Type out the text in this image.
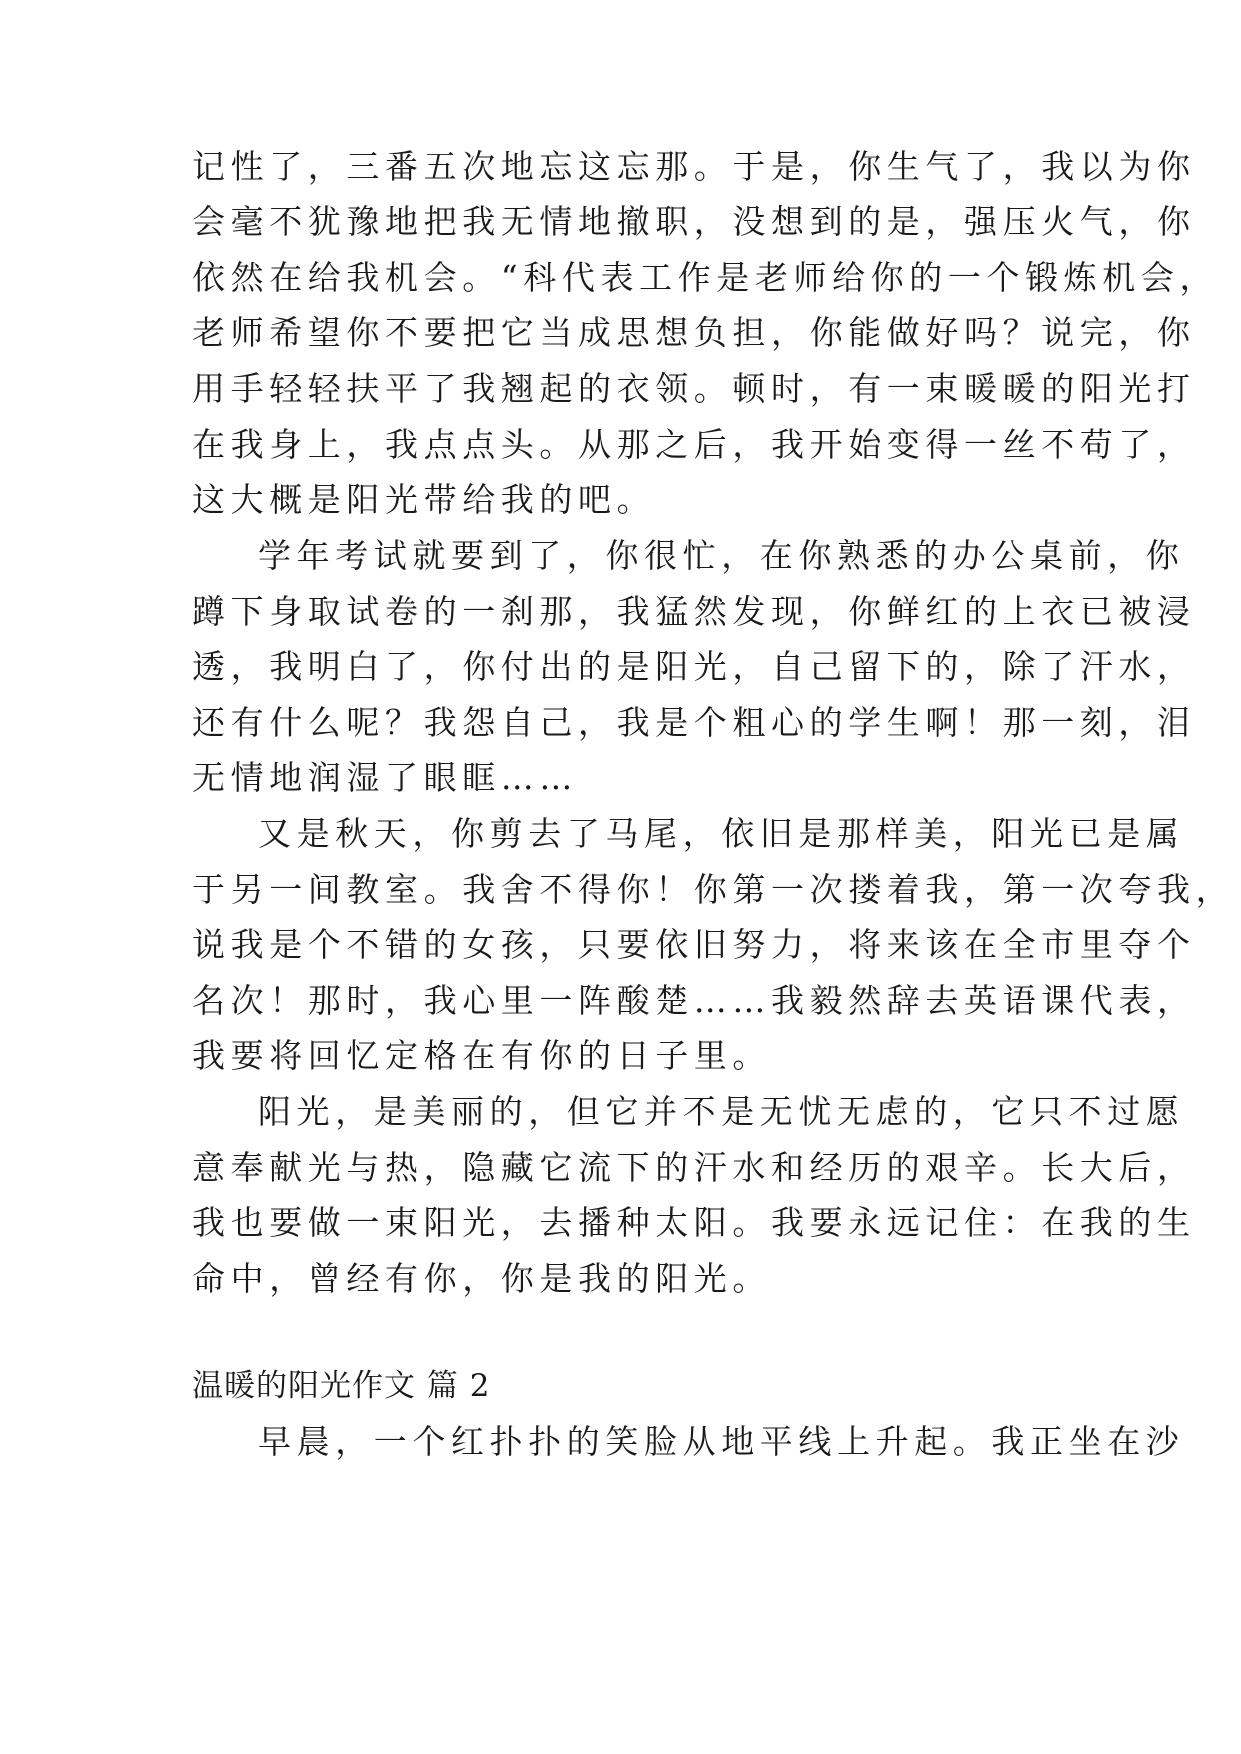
记性了，三番五次地忘这忘那。于是，你生气了，我以为你
会毫不犹豫地把我无情地撤职，没想到的是，强压火气，你
依然在给我机会。“科代表工作是老师给你的一个锻炼机会，
老师希望你不要把它当成思想负担，你能做好吗？说完，你
用手轻轻扶平了我翘起的衣领。顿时，有一束暖暖的阳光打
在我身上，我点点头。从那之后，我开始变得一丝不苟了，
这大概是阳光带给我的吧。
学年考试就要到了，你很忙，在你熟悉的办公桌前，你
蹲下身取试卷的一刹那，我猛然发现，你鲜红的上衣已被浸
透，我明白了，你付出的是阳光，自己留下的，除了汗水，
还有什么呢？我怨自己，我是个粗心的学生啊！那一刻，泪
无情地润湿了眼眶……
又是秋天，你剪去了马尾，依旧是那样美，阳光已是属
于另一间教室。我舍不得你！你第一次搂着我，第一次夸我，
说我是个不错的女孩，只要依旧努力，将来该在全市里夺个
名次！那时，我心里一阵酸楚……我毅然辞去英语课代表，
我要将回忆定格在有你的日子里。
阳光，是美丽的，但它并不是无忧无虑的，它只不过愿
意奉献光与热，隐藏它流下的汗水和经历的艰辛。长大后，
我也要做一束阳光，去播种太阳。我要永远记住：在我的生
命中，曾经有你，你是我的阳光。
温暖的阳光作文 篇 2
早晨，一个红扑扑的笑脸从地平线上升起。我正坐在沙
